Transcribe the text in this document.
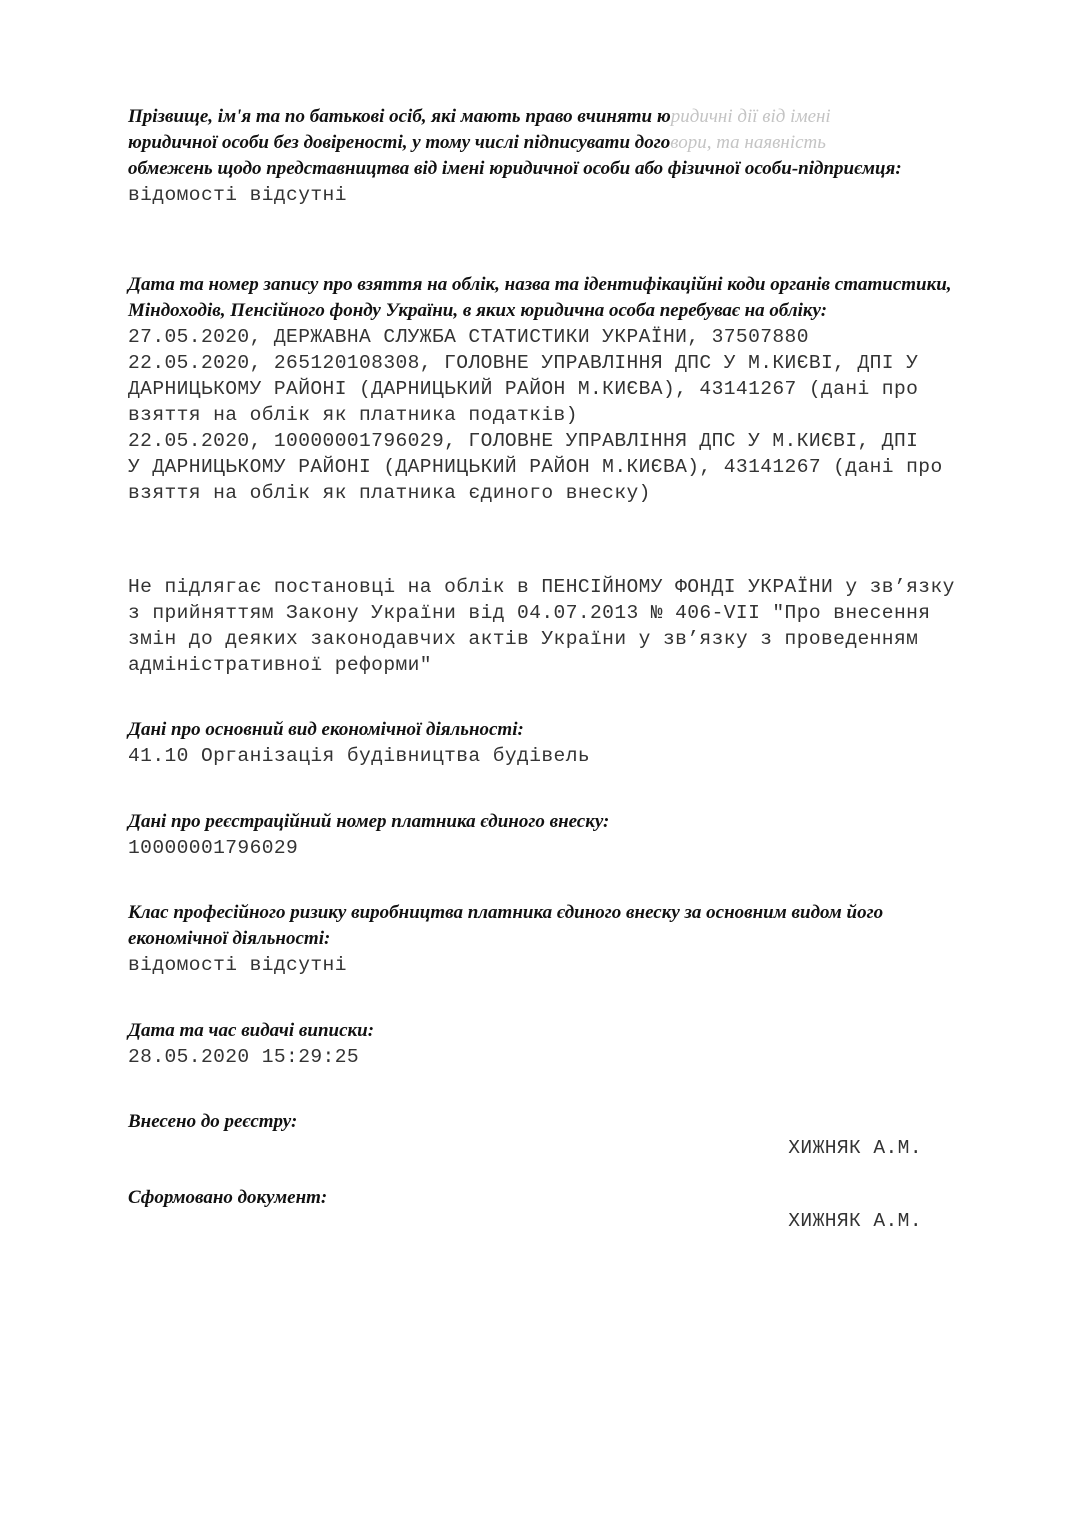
Прізвище, ім'я та по батькові осіб, які мають право вчиняти юридичні дії від імені
юридичної особи без довіреності, у тому числі підписувати договори, та наявність
обмежень щодо представництва від імені юридичної особи або фізичної особи-підприємця:

відомості відсутні

Дата та номер запису про взяття на облік, назва та ідентифікаційні коди органів статистики, Міндоходів, Пенсійного фонду України, в яких юридична особа перебуває на обліку:

27.05.2020, ДЕРЖАВНА СЛУЖБА СТАТИСТИКИ УКРАЇНИ, 37507880
22.05.2020, 265120108308, ГОЛОВНЕ УПРАВЛІННЯ ДПС У М.КИЄВІ, ДПІ У
ДАРНИЦЬКОМУ РАЙОНІ (ДАРНИЦЬКИЙ РАЙОН М.КИЄВА), 43141267 (дані про
взяття на облік як платника податків)
22.05.2020, 10000001796029, ГОЛОВНЕ УПРАВЛІННЯ ДПС У М.КИЄВІ, ДПІ
У ДАРНИЦЬКОМУ РАЙОНІ (ДАРНИЦЬКИЙ РАЙОН М.КИЄВА), 43141267 (дані про
взяття на облік як платника єдиного внеску)

Не підлягає постановці на облік в ПЕНСІЙНОМУ ФОНДІ УКРАЇНИ у зв’язку
з прийняттям Закону України від 04.07.2013 № 406-VII "Про внесення
змін до деяких законодавчих актів України у зв’язку з проведенням
адміністративної реформи"

Дані про основний вид економічної діяльності:

41.10 Організація будівництва будівель

Дані про реєстраційний номер платника єдиного внеску:

10000001796029

Клас професійного ризику виробництва платника єдиного внеску за основним видом його економічної діяльності:

відомості відсутні

Дата та час видачі виписки:

28.05.2020 15:29:25

Внесено до реєстру:

ХИЖНЯК А.М.

Сформовано документ:

ХИЖНЯК А.М.
